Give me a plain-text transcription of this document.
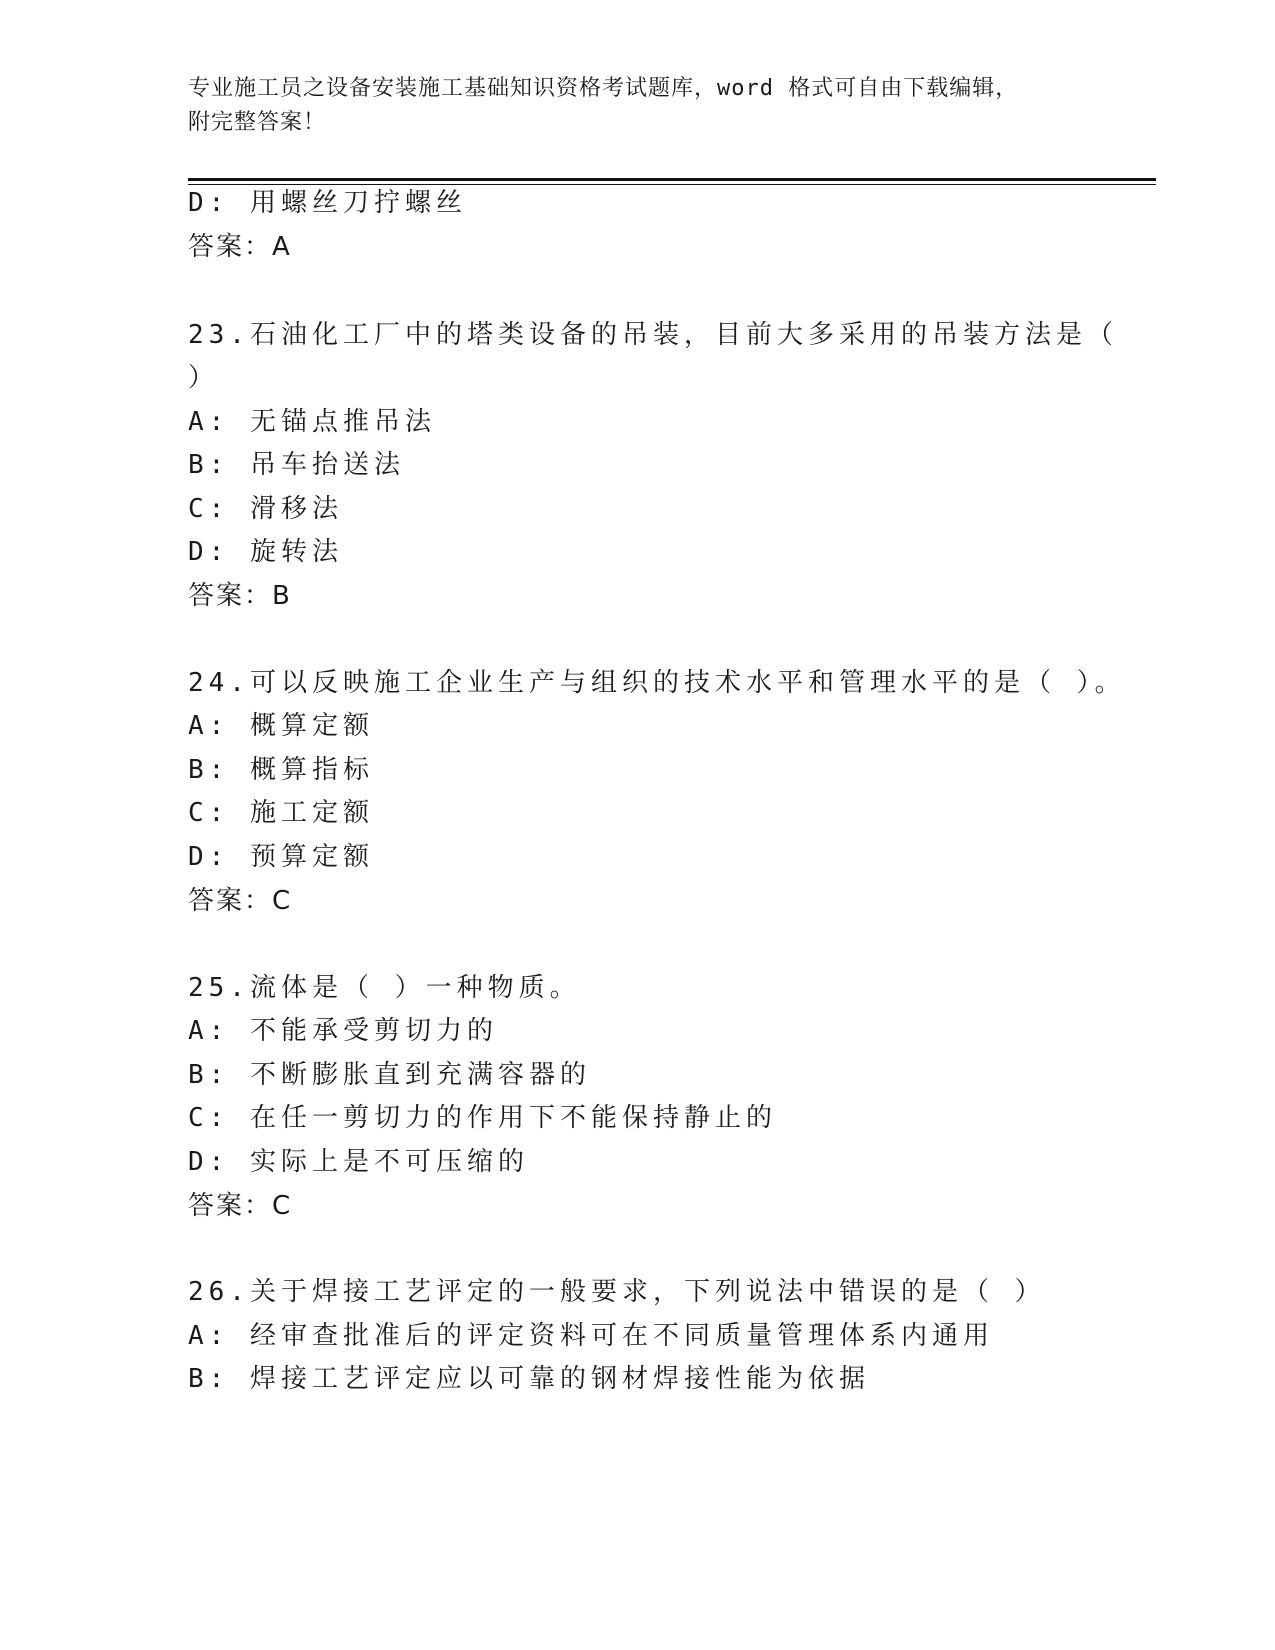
专业施工员之设备安装施工基础知识资格考试题库，word 格式可自由下载编辑，
附完整答案！
D: 用螺丝刀拧螺丝
答案：A
23.石油化工厂中的塔类设备的吊装，目前大多采用的吊装方法是（
）
A: 无锚点推吊法
B: 吊车抬送法
C: 滑移法
D: 旋转法
答案：B
24.可以反映施工企业生产与组织的技术水平和管理水平的是（ ）。
A: 概算定额
B: 概算指标
C: 施工定额
D: 预算定额
答案：C
25.流体是（ ）一种物质。
A: 不能承受剪切力的
B: 不断膨胀直到充满容器的
C: 在任一剪切力的作用下不能保持静止的
D: 实际上是不可压缩的
答案：C
26.关于焊接工艺评定的一般要求，下列说法中错误的是（ ）
A: 经审查批准后的评定资料可在不同质量管理体系内通用
B: 焊接工艺评定应以可靠的钢材焊接性能为依据
